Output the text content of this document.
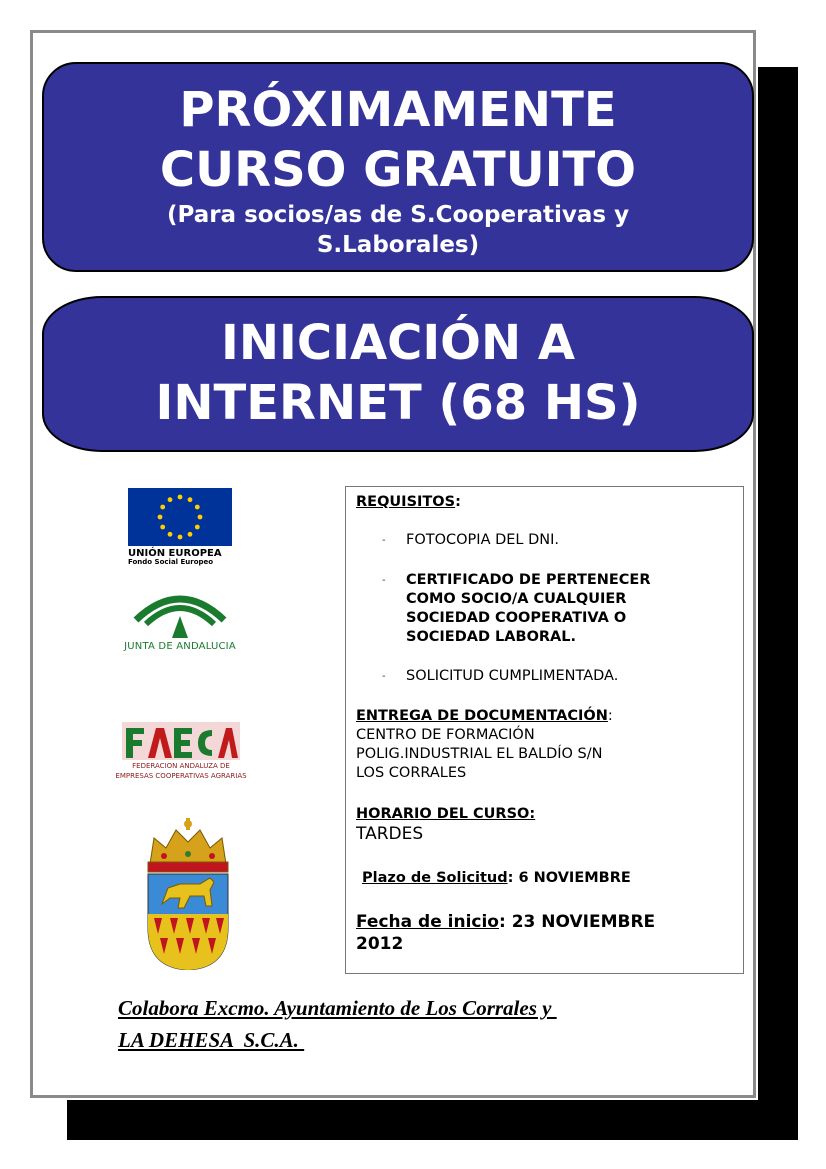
PRÓXIMAMENTE
CURSO GRATUITO
(Para socios/as de S.Cooperativas y
S.Laborales)
INICIACIÓN A
INTERNET (68 HS)
UNIÓN EUROPEA
Fondo Social Europeo
JUNTA DE ANDALUCIA
FEDERACION ANDALUZA DE
EMPRESAS COOPERATIVAS AGRARIAS
REQUISITOS:
- FOTOCOPIA DEL DNI.
- CERTIFICADO DE PERTENECER
COMO SOCIO/A CUALQUIER
SOCIEDAD COOPERATIVA O
SOCIEDAD LABORAL.
- SOLICITUD CUMPLIMENTADA.
ENTREGA DE DOCUMENTACIÓN:
CENTRO DE FORMACIÓN
POLIG.INDUSTRIAL EL BALDÍO S/N
LOS CORRALES
HORARIO DEL CURSO:
TARDES
Plazo de Solicitud: 6 NOVIEMBRE
Fecha de inicio: 23 NOVIEMBRE
2012
Colabora Excmo. Ayuntamiento de Los Corrales y
LA DEHESA  S.C.A.
